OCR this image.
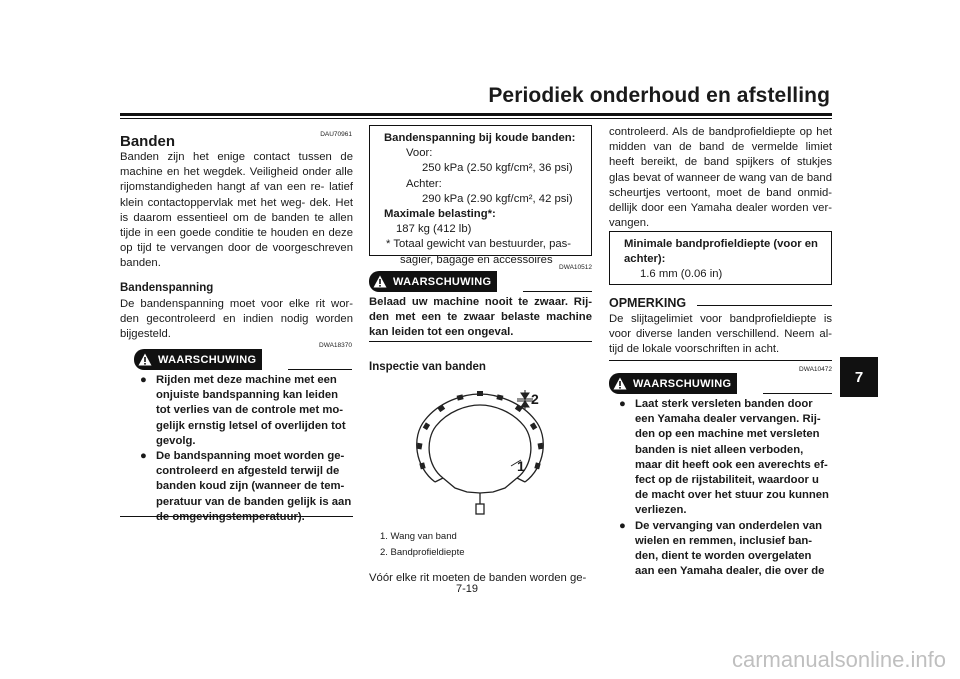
Periodiek onderhoud en afstelling
7
DAU70961
Banden
Banden zijn het enige contact tussen de machine en het wegdek. Veiligheid onder alle rijomstandigheden hangt af van een re- latief klein contactoppervlak met het weg- dek. Het is daarom essentieel om de banden te allen tijde in een goede conditie te houden en deze op tijd te vervangen door de voorgeschreven banden.
Bandenspanning
De bandenspanning moet voor elke rit wor- den gecontroleerd en indien nodig worden bijgesteld.
DWA18370
WAARSCHUWING
● Rijden met deze machine met een onjuiste bandspanning kan leiden tot verlies van de controle met mo- gelijk ernstig letsel of overlijden tot gevolg.
● De bandspanning moet worden ge- controleerd en afgesteld terwijl de banden koud zijn (wanneer de tem- peratuur van de banden gelijk is aan
Bandenspanning bij koude banden:
Voor:
250 kPa (2.50 kgf/cm², 36 psi)
Achter:
290 kPa (2.90 kgf/cm², 42 psi)
Maximale belasting*:
187 kg (412 lb)
* Totaal gewicht van bestuurder, pas-
sagier, bagage en accessoires
DWA10512
WAARSCHUWING
Belaad uw machine nooit te zwaar. Rij- den met een te zwaar belaste machine kan leiden tot een ongeval.
Inspectie van banden
2
1
1. Wang van band
2. Bandprofieldiepte
Vóór elke rit moeten de banden worden ge-
controleerd. Als de bandprofieldiepte op het midden van de band de vermelde limiet heeft bereikt, de band spijkers of stukjes glas bevat of wanneer de wang van de band scheurtjes vertoont, moet de band onmid- dellijk door een Yamaha dealer worden ver- vangen.
Minimale bandprofieldiepte (voor en achter):
1.6 mm (0.06 in)
OPMERKING
De slijtagelimiet voor bandprofieldiepte is voor diverse landen verschillend. Neem al- tijd de lokale voorschriften in acht.
DWA10472
WAARSCHUWING
● Laat sterk versleten banden door een Yamaha dealer vervangen. Rij- den op een machine met versleten banden is niet alleen verboden, maar dit heeft ook een averechts ef- fect op de rijstabiliteit, waardoor u de macht over het stuur zou kunnen verliezen.
● De vervanging van onderdelen van wielen en remmen, inclusief ban- den, dient te worden overgelaten aan een Yamaha dealer, die over de
7-19
carmanualsonline.info
